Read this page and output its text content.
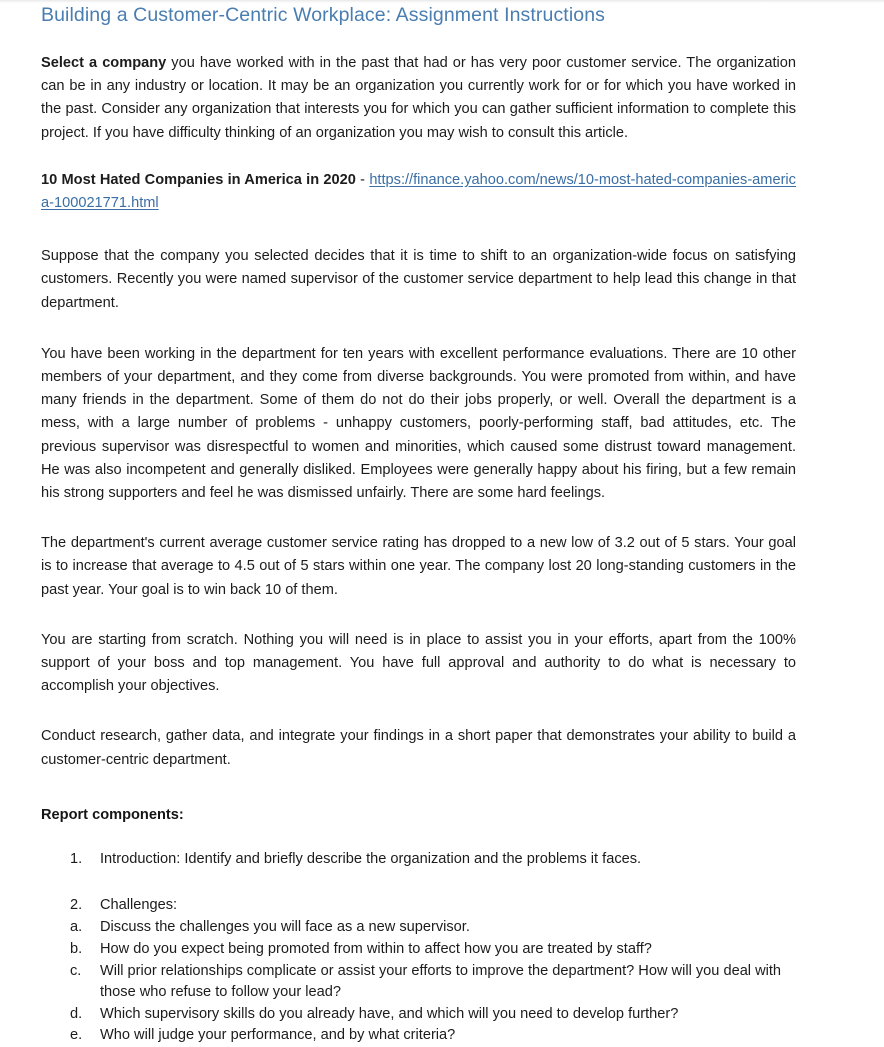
Building a Customer-Centric Workplace: Assignment Instructions

Select a company you have worked with in the past that had or has very poor customer service. The organization can be in any industry or location. It may be an organization you currently work for or for which you have worked in the past. Consider any organization that interests you for which you can gather sufficient information to complete this project. If you have difficulty thinking of an organization you may wish to consult this article.

10 Most Hated Companies in America in 2020 - https://finance.yahoo.com/news/10-most-hated-companies-america-100021771.html

Suppose that the company you selected decides that it is time to shift to an organization-wide focus on satisfying customers. Recently you were named supervisor of the customer service department to help lead this change in that department.

You have been working in the department for ten years with excellent performance evaluations. There are 10 other members of your department, and they come from diverse backgrounds. You were promoted from within, and have many friends in the department. Some of them do not do their jobs properly, or well. Overall the department is a mess, with a large number of problems - unhappy customers, poorly-performing staff, bad attitudes, etc. The previous supervisor was disrespectful to women and minorities, which caused some distrust toward management. He was also incompetent and generally disliked. Employees were generally happy about his firing, but a few remain his strong supporters and feel he was dismissed unfairly. There are some hard feelings.

The department's current average customer service rating has dropped to a new low of 3.2 out of 5 stars. Your goal is to increase that average to 4.5 out of 5 stars within one year. The company lost 20 long-standing customers in the past year. Your goal is to win back 10 of them.

You are starting from scratch. Nothing you will need is in place to assist you in your efforts, apart from the 100% support of your boss and top management. You have full approval and authority to do what is necessary to accomplish your objectives.

Conduct research, gather data, and integrate your findings in a short paper that demonstrates your ability to build a customer-centric department.

Report components:

1.	Introduction: Identify and briefly describe the organization and the problems it faces.
2.	Challenges:
a.	Discuss the challenges you will face as a new supervisor.
b.	How do you expect being promoted from within to affect how you are treated by staff?
c.	Will prior relationships complicate or assist your efforts to improve the department? How will you deal with those who refuse to follow your lead?
d.	Which supervisory skills do you already have, and which will you need to develop further?
e.	Who will judge your performance, and by what criteria?
